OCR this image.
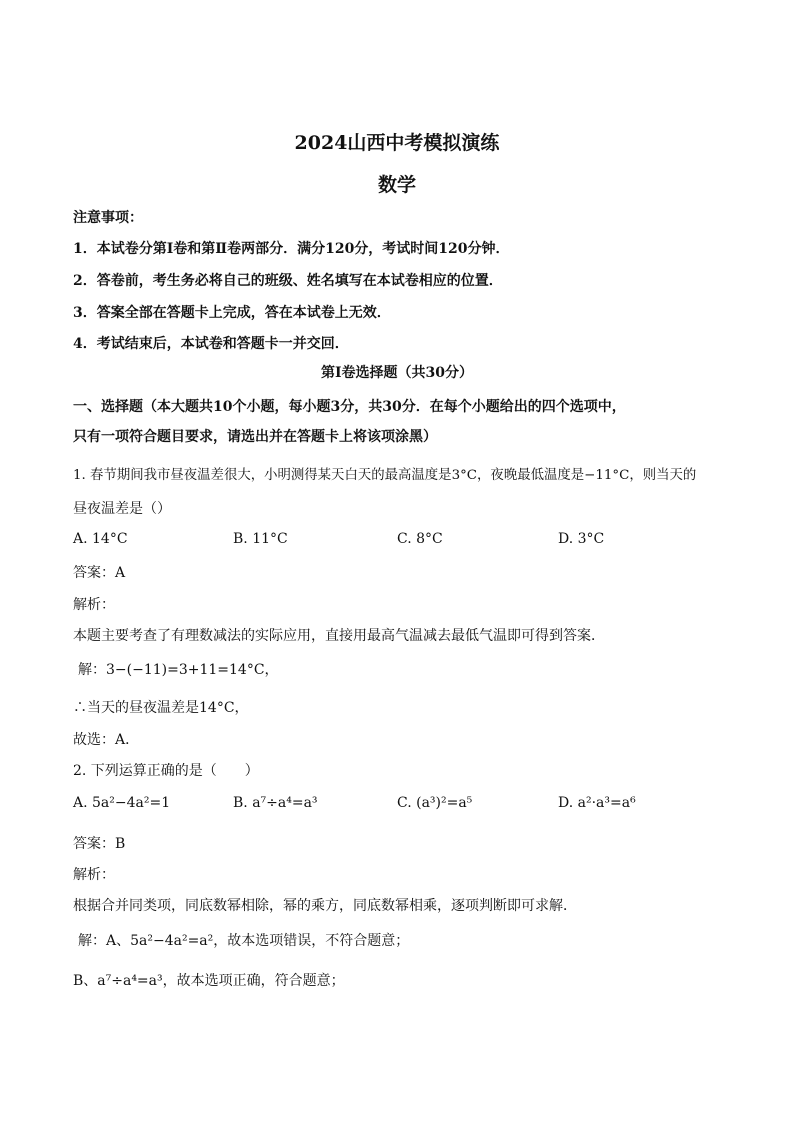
2024山西中考模拟演练
数学
注意事项：
1．本试卷分第Ⅰ卷和第Ⅱ卷两部分．满分120分，考试时间120分钟．
2．答卷前，考生务必将自己的班级、姓名填写在本试卷相应的位置．
3．答案全部在答题卡上完成，答在本试卷上无效．
4．考试结束后，本试卷和答题卡一并交回．
第Ⅰ卷选择题（共30分）
一、选择题（本大题共10个小题，每小题3分，共30分．在每个小题给出的四个选项中，
只有一项符合题目要求，请选出并在答题卡上将该项涂黑）
1. 春节期间我市昼夜温差很大，小明测得某天白天的最高温度是3°C，夜晚最低温度是−11°C，则当天的
昼夜温差是（）
A. 14°C	B. 11°C	C. 8°C	D. 3°C
答案：A
解析：
本题主要考查了有理数减法的实际应用，直接用最高气温减去最低气温即可得到答案．
解：3−(−11)=3+11=14°C，
∴当天的昼夜温差是14°C，
故选：A．
2. 下列运算正确的是（　　）
A. 5a²−4a²=1	B. a⁷÷a⁴=a³	C. (a³)²=a⁵	D. a²·a³=a⁶
答案：B
解析：
根据合并同类项，同底数幂相除，幂的乘方，同底数幂相乘，逐项判断即可求解．
解：A、5a²−4a²=a²，故本选项错误，不符合题意；
B、a⁷÷a⁴=a³，故本选项正确，符合题意；
